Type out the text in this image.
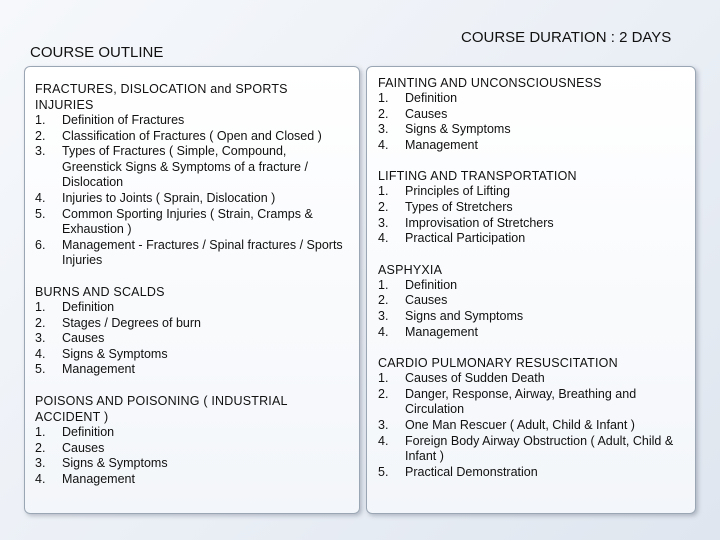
COURSE OUTLINE
COURSE DURATION : 2 DAYS
FRACTURES, DISLOCATION and SPORTS INJURIES
1.	Definition of Fractures
2.	Classification of Fractures ( Open and Closed )
3.	Types of Fractures ( Simple, Compound, Greenstick Signs & Symptoms of a fracture / Dislocation
4.	Injuries to Joints ( Sprain, Dislocation )
5.	Common Sporting Injuries ( Strain, Cramps & Exhaustion )
6.	Management - Fractures / Spinal fractures / Sports Injuries
BURNS AND SCALDS
1.	Definition
2.	Stages / Degrees of burn
3.	Causes
4.	Signs & Symptoms
5.	Management
POISONS AND POISONING ( INDUSTRIAL ACCIDENT )
1.	Definition
2.	Causes
3.	Signs & Symptoms
4.	Management
FAINTING AND UNCONSCIOUSNESS
1.	Definition
2.	Causes
3.	Signs & Symptoms
4.	Management
LIFTING AND TRANSPORTATION
1.	Principles of Lifting
2.	Types of Stretchers
3.	Improvisation of Stretchers
4.	Practical Participation
ASPHYXIA
1.	Definition
2.	Causes
3.	Signs and Symptoms
4.	Management
CARDIO PULMONARY RESUSCITATION
1.	Causes of Sudden Death
2.	Danger, Response, Airway, Breathing and Circulation
3.	One Man Rescuer ( Adult, Child & Infant )
4.	Foreign Body Airway Obstruction ( Adult, Child & Infant )
5.	Practical Demonstration
